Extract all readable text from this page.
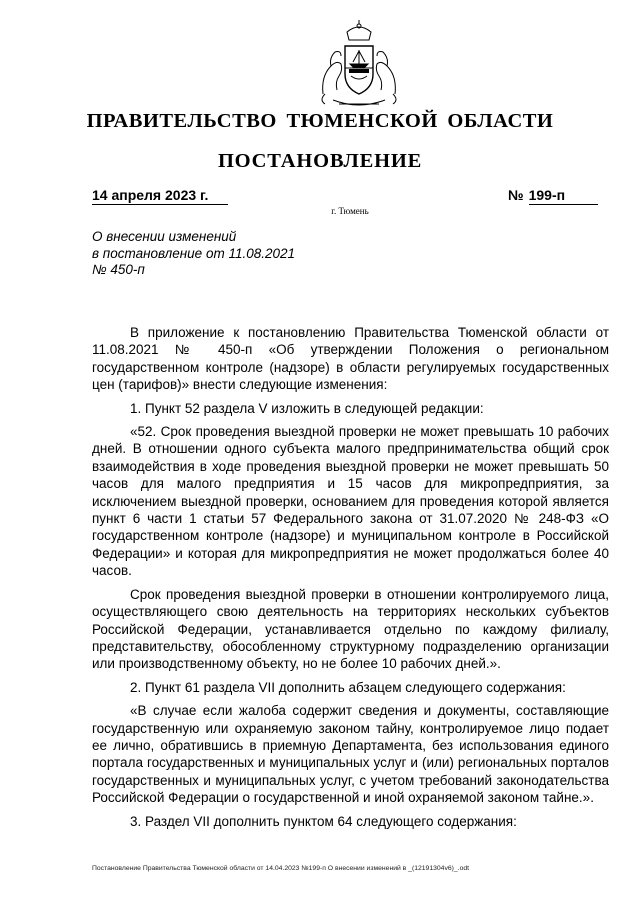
ПРАВИТЕЛЬСТВО ТЮМЕНСКОЙ ОБЛАСТИ
ПОСТАНОВЛЕНИЕ
14 апреля 2023 г.	№ 199-п
г. Тюмень
О внесении изменений
в постановление от 11.08.2021
№ 450-п

В приложение к постановлению Правительства Тюменской области от 11.08.2021 № 450-п «Об утверждении Положения о региональном государственном контроле (надзоре) в области регулируемых государственных цен (тарифов)» внести следующие изменения:

1. Пункт 52 раздела V изложить в следующей редакции:

«52. Срок проведения выездной проверки не может превышать 10 рабочих дней. В отношении одного субъекта малого предпринимательства общий срок взаимодействия в ходе проведения выездной проверки не может превышать 50 часов для малого предприятия и 15 часов для микропредприятия, за исключением выездной проверки, основанием для проведения которой является пункт 6 части 1 статьи 57 Федерального закона от 31.07.2020 № 248-ФЗ «О государственном контроле (надзоре) и муниципальном контроле в Российской Федерации» и которая для микропредприятия не может продолжаться более 40 часов.

Срок проведения выездной проверки в отношении контролируемого лица, осуществляющего свою деятельность на территориях нескольких субъектов Российской Федерации, устанавливается отдельно по каждому филиалу, представительству, обособленному структурному подразделению организации или производственному объекту, но не более 10 рабочих дней.».

2. Пункт 61 раздела VII дополнить абзацем следующего содержания:

«В случае если жалоба содержит сведения и документы, составляющие государственную или охраняемую законом тайну, контролируемое лицо подает ее лично, обратившись в приемную Департамента, без использования единого портала государственных и муниципальных услуг и (или) региональных порталов государственных и муниципальных услуг, с учетом требований законодательства Российской Федерации о государственной и иной охраняемой законом тайне.».

3. Раздел VII дополнить пунктом 64 следующего содержания:

Постановление Правительства Тюменской области от 14.04.2023 №199-п О внесении изменений в _(12191304v6)_.odt
